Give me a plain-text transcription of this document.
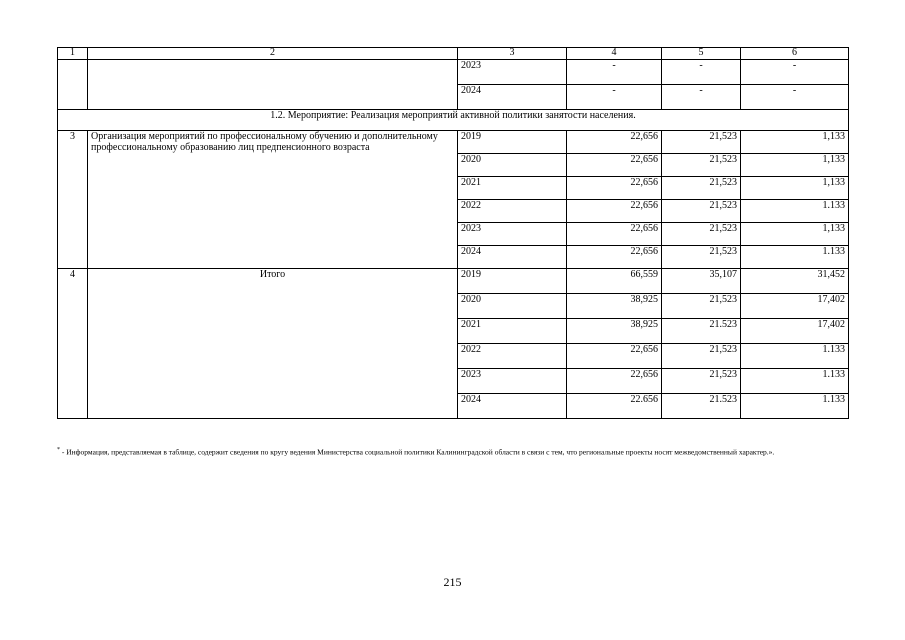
1	2	3	4	5	6
		2023	-	-	-
		2024	-	-	-
1.2. Мероприятие: Реализация мероприятий активной политики занятости населения.					
3	Организация мероприятий по профессиональному обучению и дополнительному профессиональному образованию лиц предпенсионного возраста	2019	22,656	21,523	1,133
		2020	22,656	21,523	1,133
		2021	22,656	21,523	1,133
		2022	22,656	21,523	1.133
		2023	22,656	21,523	1,133
		2024	22,656	21,523	1.133
4	Итого	2019	66,559	35,107	31,452
		2020	38,925	21,523	17,402
		2021	38,925	21.523	17,402
		2022	22,656	21,523	1.133
		2023	22,656	21,523	1.133
		2024	22.656	21.523	1.133
* - Информация, представляемая в таблице, содержит сведения по кругу ведения Министерства социальной политики Калининградской области в связи с тем, что региональные проекты носят межведомственный характер.».
215
